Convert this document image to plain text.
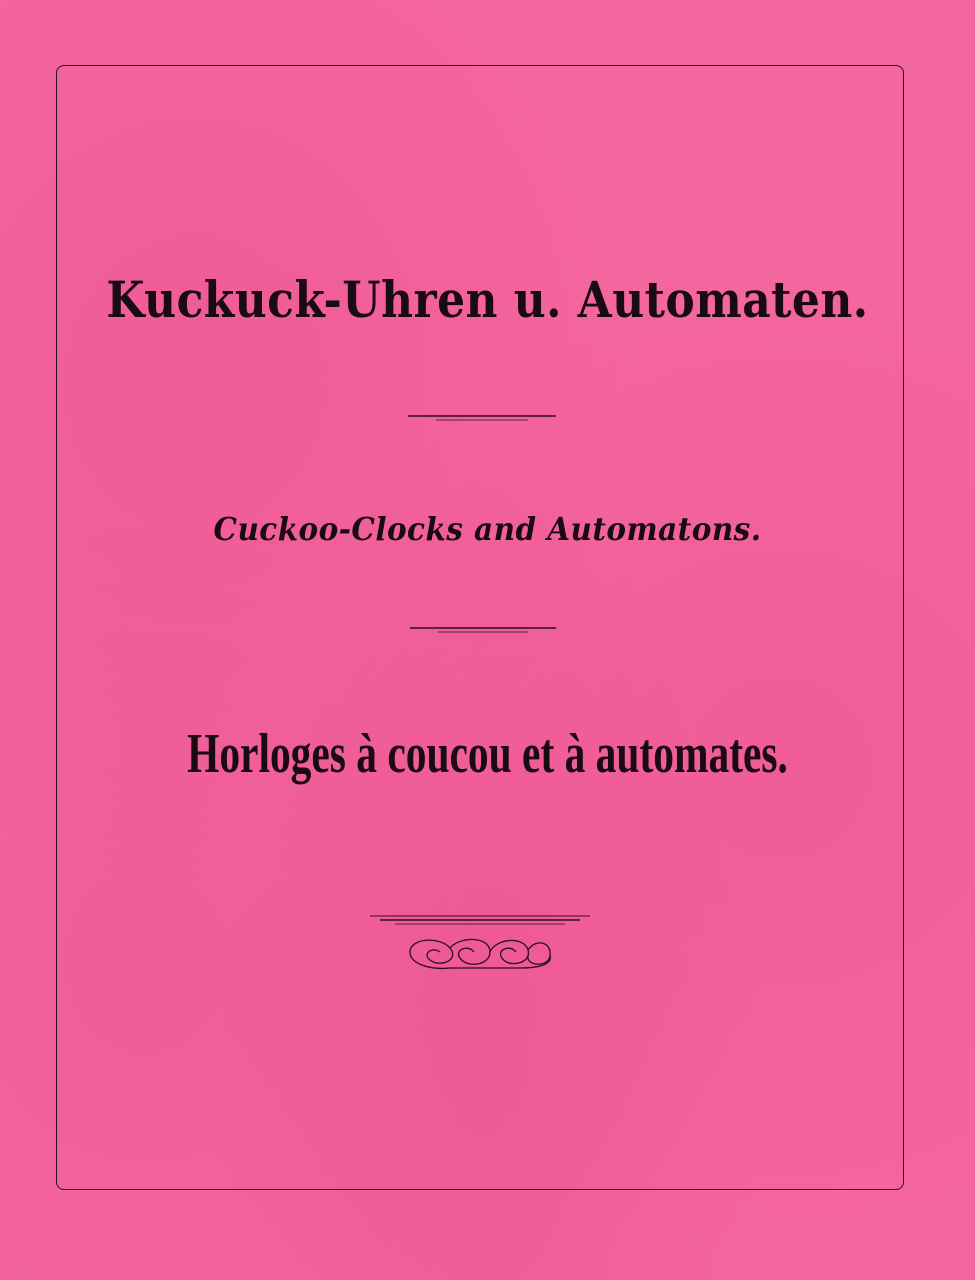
Kuckuck-Uhren u. Automaten.
Cuckoo-Clocks and Automatons.
Horloges à coucou et à automates.
